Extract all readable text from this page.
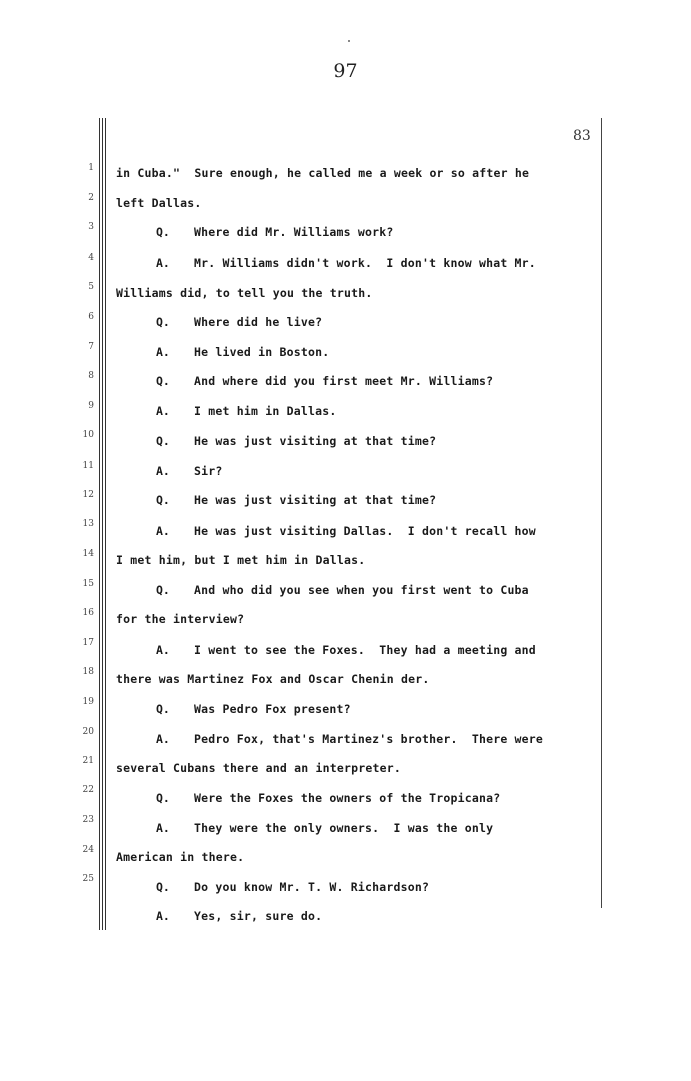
97
83
1
2
3
4
5
6
7
8
9
10
11
12
13
14
15
16
17
18
19
20
21
22
23
24
25
in Cuba."  Sure enough, he called me a week or so after he
left Dallas.
Q. Where did Mr. Williams work?
A. Mr. Williams didn't work.  I don't know what Mr.
Williams did, to tell you the truth.
Q. Where did he live?
A. He lived in Boston.
Q. And where did you first meet Mr. Williams?
A. I met him in Dallas.
Q. He was just visiting at that time?
A. Sir?
Q. He was just visiting at that time?
A. He was just visiting Dallas.  I don't recall how
I met him, but I met him in Dallas.
Q. And who did you see when you first went to Cuba
for the interview?
A. I went to see the Foxes.  They had a meeting and
there was Martinez Fox and Oscar Chenin der.
Q. Was Pedro Fox present?
A. Pedro Fox, that's Martinez's brother.  There were
several Cubans there and an interpreter.
Q. Were the Foxes the owners of the Tropicana?
A. They were the only owners.  I was the only
American in there.
Q. Do you know Mr. T. W. Richardson?
A. Yes, sir, sure do.
